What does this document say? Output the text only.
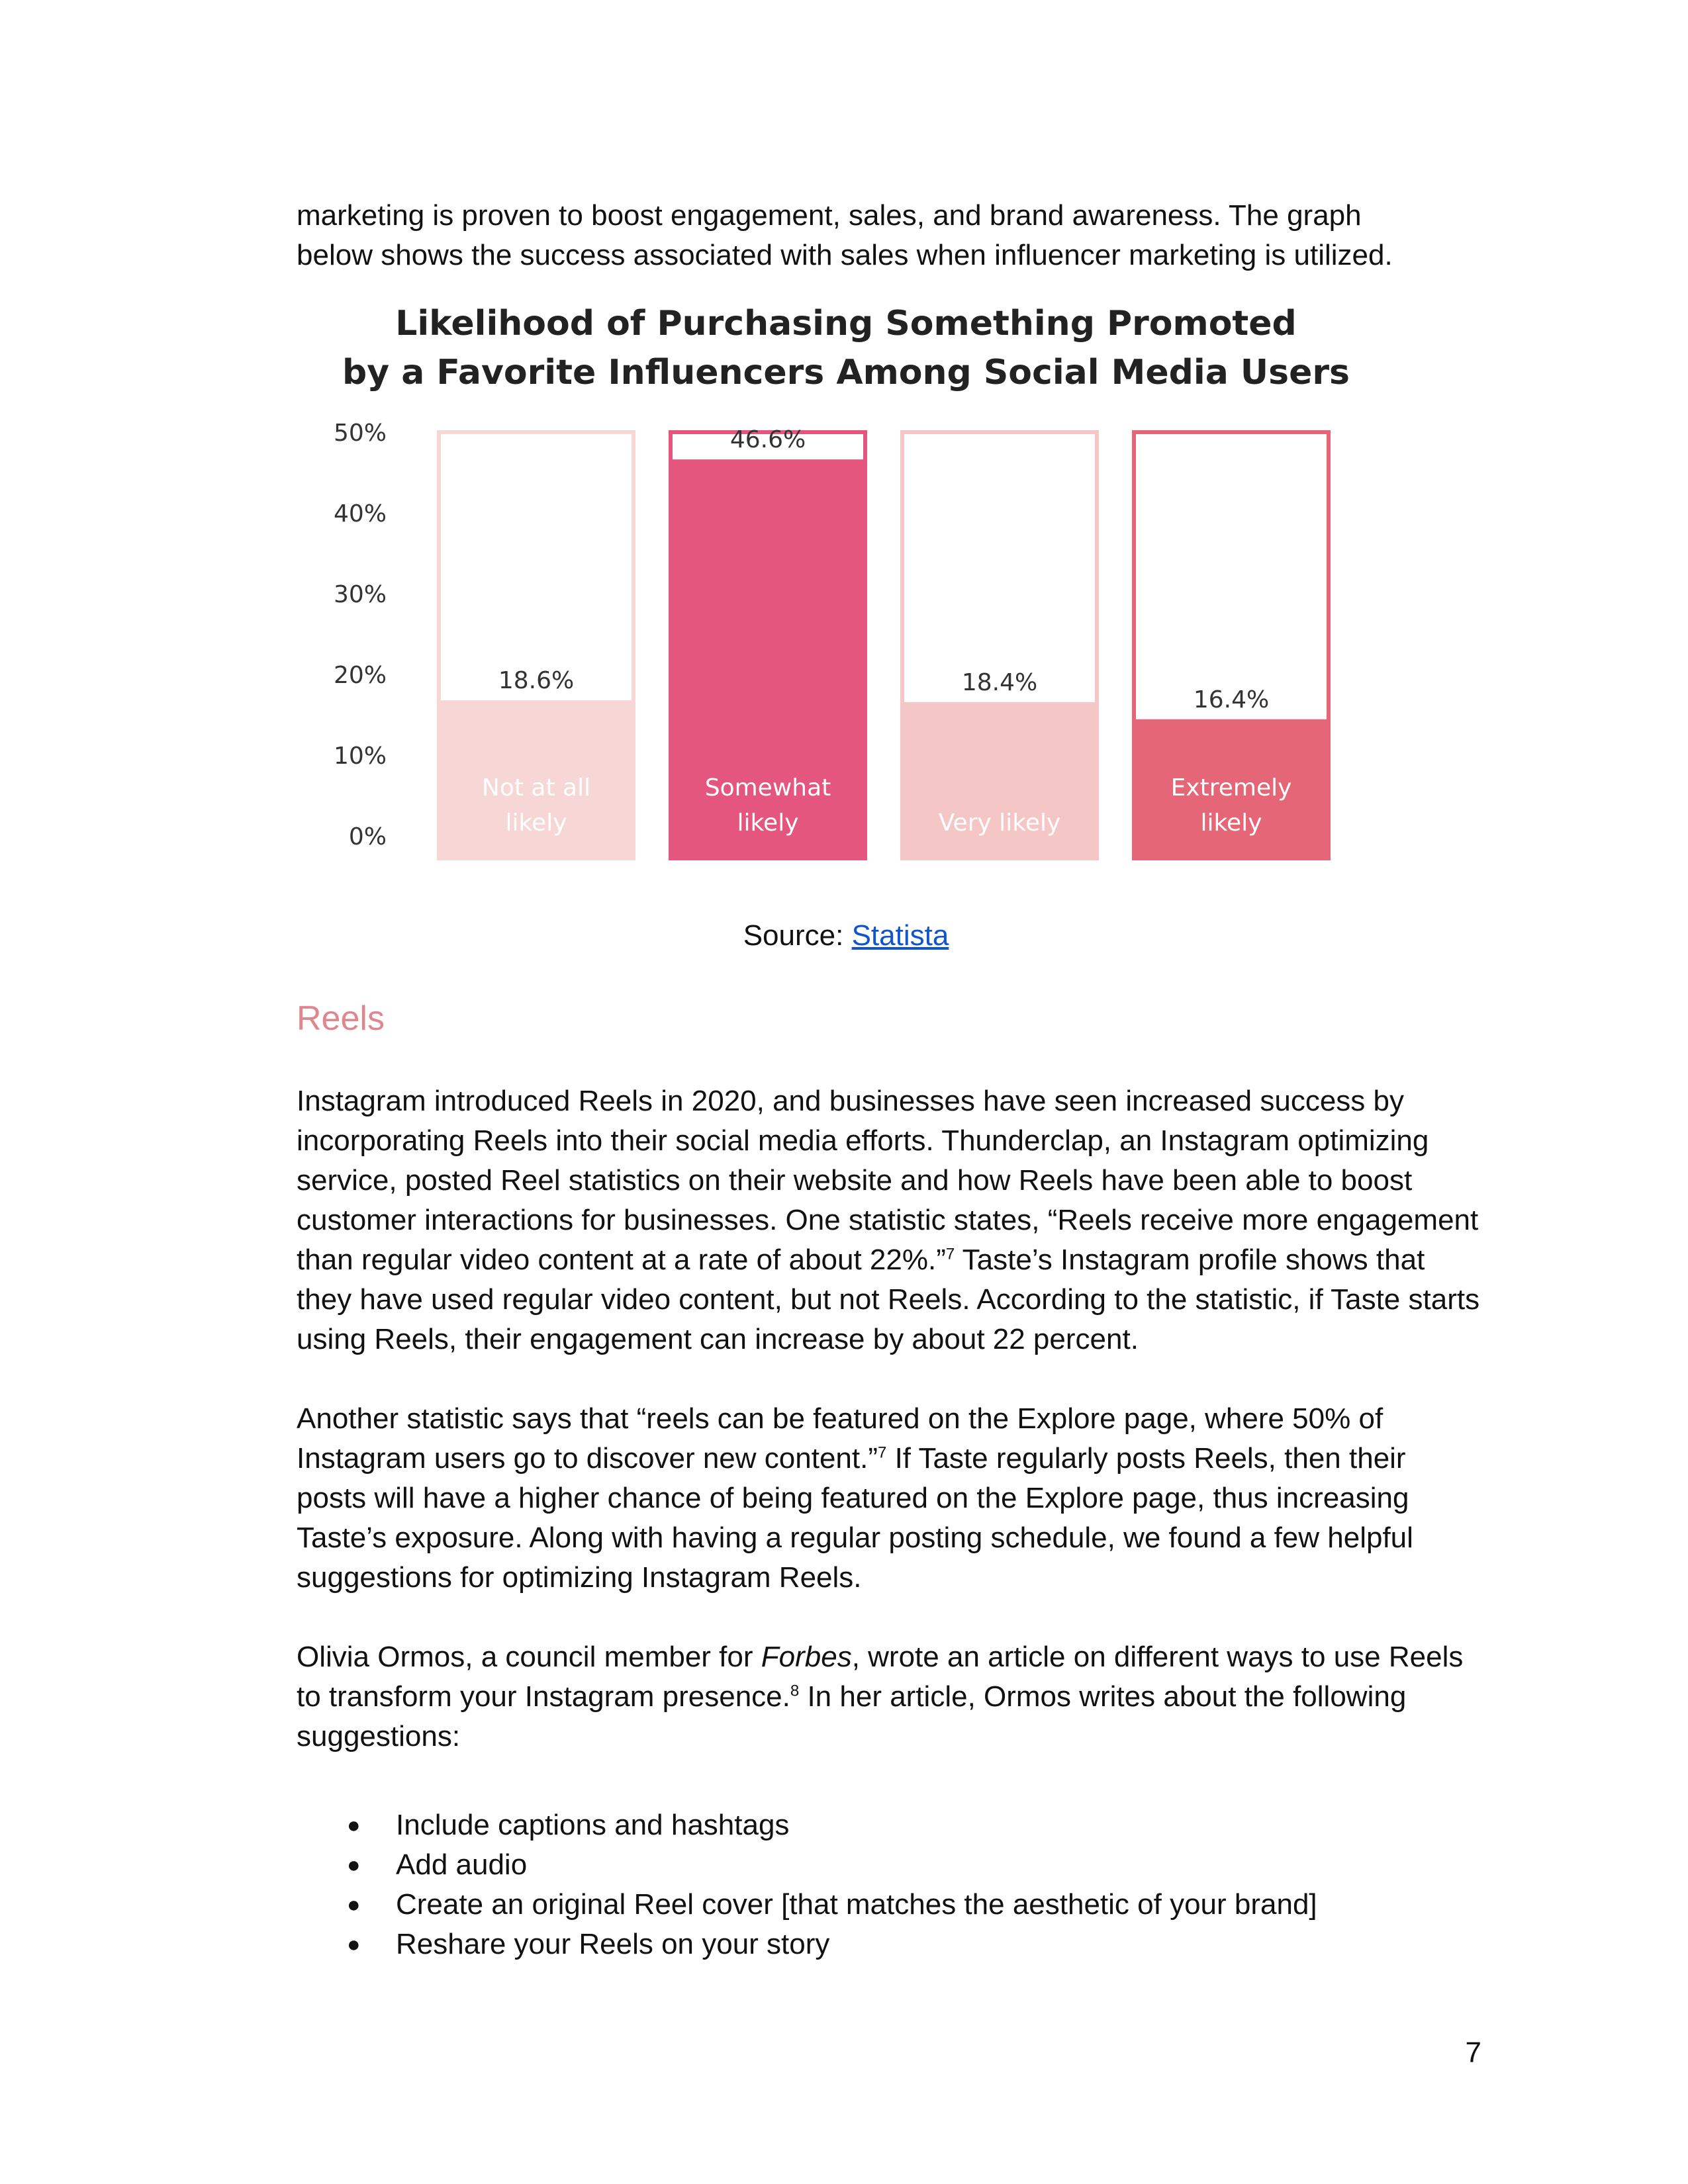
marketing is proven to boost engagement, sales, and brand awareness. The graph
below shows the success associated with sales when influencer marketing is utilized.

Likelihood of Purchasing Something Promoted
by a Favorite Influencers Among Social Media Users

0%
10%
20%
30%
40%
50%
18.6%
Not at all
likely
46.6%
Somewhat
likely
18.4%
Very likely
16.4%
Extremely
likely

Source: Statista

Reels

Instagram introduced Reels in 2020, and businesses have seen increased success by incorporating Reels into their social media efforts. Thunderclap, an Instagram optimizing service, posted Reel statistics on their website and how Reels have been able to boost customer interactions for businesses. One statistic states, “Reels receive more engagement than regular video content at a rate of about 22%.”$^7$ Taste’s Instagram profile shows that they have used regular video content, but not Reels. According to the statistic, if Taste starts using Reels, their engagement can increase by about 22 percent.

Another statistic says that “reels can be featured on the Explore page, where 50% of Instagram users go to discover new content.”$^7$ If Taste regularly posts Reels, then their posts will have a higher chance of being featured on the Explore page, thus increasing Taste’s exposure. Along with having a regular posting schedule, we found a few helpful suggestions for optimizing Instagram Reels.

Olivia Ormos, a council member for Forbes, wrote an article on different ways to use Reels to transform your Instagram presence.$^8$ In her article, Ormos writes about the following suggestions:

● Include captions and hashtags
● Add audio
● Create an original Reel cover [that matches the aesthetic of your brand]
● Reshare your Reels on your story

7
